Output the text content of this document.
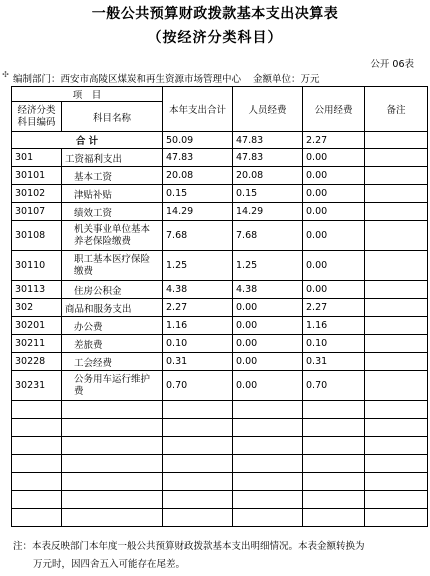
一般公共预算财政拨款基本支出决算表
（按经济分类科目）
公开 06表
✣ 编制部门：西安市高陵区煤炭和再生资源市场管理中心 金额单位：万元
项　目		本年支出合计	人员经费	公用经费	备注
经济分类科目编码	科目名称				
合 计		50.09	47.83	2.27	
301	工资福利支出	47.83	47.83	0.00	
30101	基本工资	20.08	20.08	0.00	
30102	津贴补贴	0.15	0.15	0.00	
30107	绩效工资	14.29	14.29	0.00	
30108	机关事业单位基本养老保险缴费	7.68	7.68	0.00	
30110	职工基本医疗保险缴费	1.25	1.25	0.00	
30113	住房公积金	4.38	4.38	0.00	
302	商品和服务支出	2.27	0.00	2.27	
30201	办公费	1.16	0.00	1.16	
30211	差旅费	0.10	0.00	0.10	
30228	工会经费	0.31	0.00	0.31	
30231	公务用车运行维护费	0.70	0.00	0.70	

注：本表反映部门本年度一般公共预算财政拨款基本支出明细情况。本表金额转换为
万元时，因四舍五入可能存在尾差。
